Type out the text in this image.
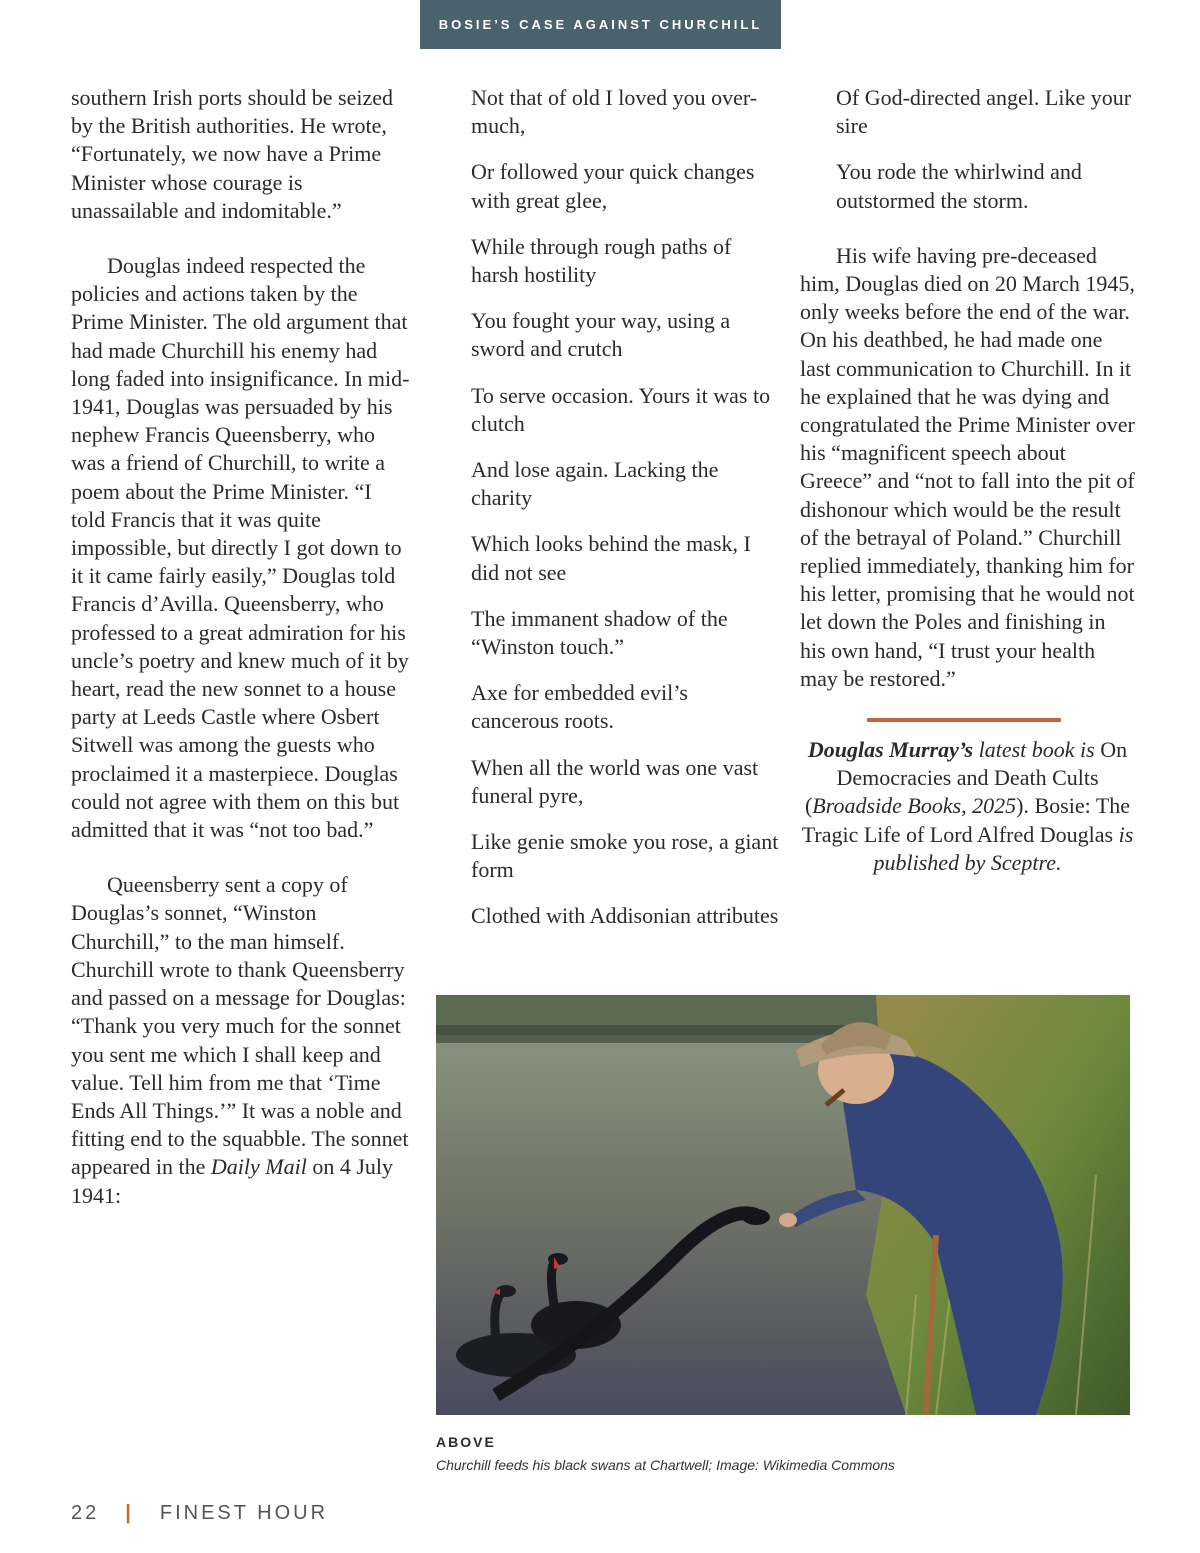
BOSIE’S CASE AGAINST CHURCHILL

southern Irish ports should be seized by the British authorities. He wrote, “Fortunately, we now have a Prime Minister whose courage is unassailable and indomitable.”

Douglas indeed respected the policies and actions taken by the Prime Minister. The old argument that had made Churchill his enemy had long faded into insignificance. In mid-1941, Douglas was persuaded by his nephew Francis Queensberry, who was a friend of Churchill, to write a poem about the Prime Minister. “I told Francis that it was quite impossible, but directly I got down to it it came fairly easily,” Douglas told Francis d’Avilla. Queensberry, who professed to a great admiration for his uncle’s poetry and knew much of it by heart, read the new sonnet to a house party at Leeds Castle where Osbert Sitwell was among the guests who proclaimed it a masterpiece. Douglas could not agree with them on this but admitted that it was “not too bad.”

Queensberry sent a copy of Douglas’s sonnet, “Winston Churchill,” to the man himself. Churchill wrote to thank Queensberry and passed on a message for Douglas: “Thank you very much for the sonnet you sent me which I shall keep and value. Tell him from me that ‘Time Ends All Things.’” It was a noble and fitting end to the squabble. The sonnet appeared in the Daily Mail on 4 July 1941:

Not that of old I loved you over-much,

Or followed your quick changes with great glee,

While through rough paths of harsh hostility

You fought your way, using a sword and crutch

To serve occasion. Yours it was to clutch

And lose again. Lacking the charity

Which looks behind the mask, I did not see

The immanent shadow of the “Winston touch.”

Axe for embedded evil’s cancerous roots.

When all the world was one vast funeral pyre,

Like genie smoke you rose, a giant form

Clothed with Addisonian attributes

Of God-directed angel. Like your sire

You rode the whirlwind and outstormed the storm.

His wife having pre-deceased him, Douglas died on 20 March 1945, only weeks before the end of the war. On his deathbed, he had made one last communication to Churchill. In it he explained that he was dying and congratulated the Prime Minister over his “magnificent speech about Greece” and “not to fall into the pit of dishonour which would be the result of the betrayal of Poland.” Churchill replied immediately, thanking him for his letter, promising that he would not let down the Poles and finishing in his own hand, “I trust your health may be restored.”

Douglas Murray’s latest book is On Democracies and Death Cults (Broadside Books, 2025). Bosie: The Tragic Life of Lord Alfred Douglas is published by Sceptre.

ABOVE
Churchill feeds his black swans at Chartwell; Image: Wikimedia Commons
22 | FINEST HOUR
